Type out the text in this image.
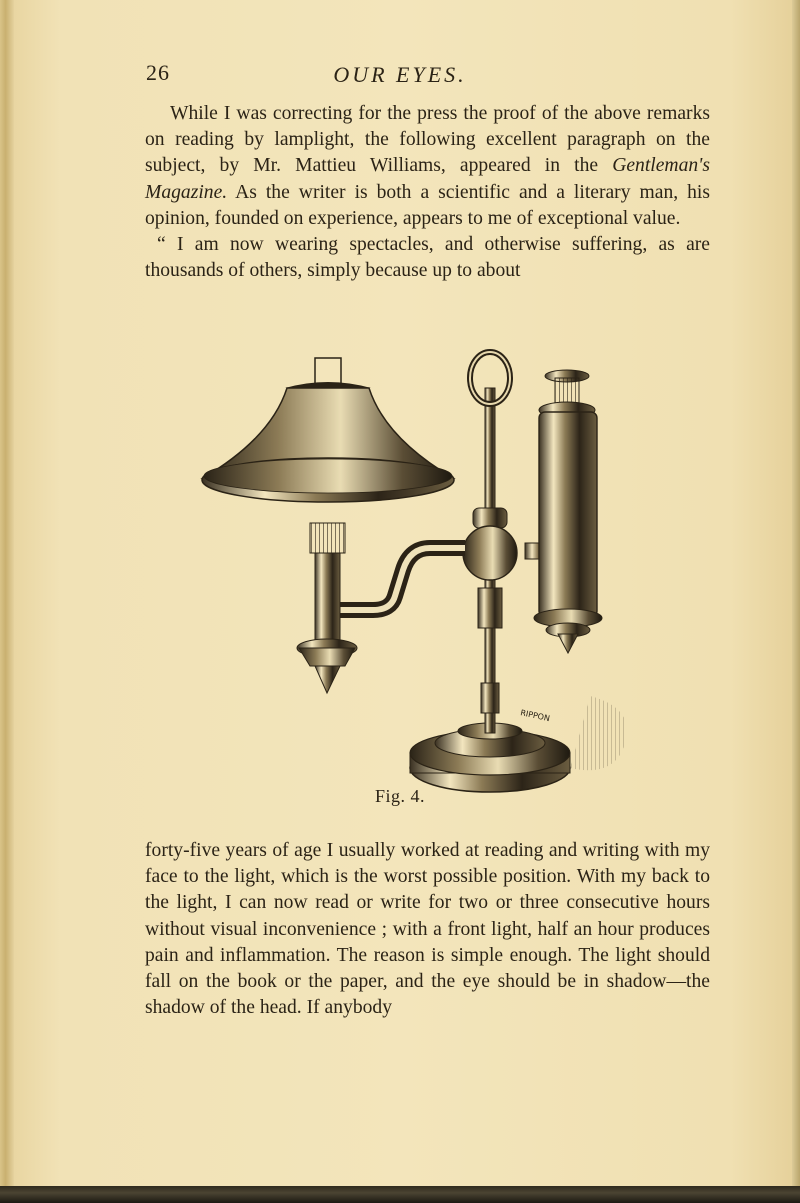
26	OUR EYES.

While I was correcting for the press the proof of the above remarks on reading by lamplight, the following excellent paragraph on the subject, by Mr. Mattieu Williams, appeared in the Gentleman's Magazine. As the writer is both a scientific and a literary man, his opinion, founded on experience, appears to me of exceptional value.
“ I am now wearing spectacles, and otherwise suffering, as are thousands of others, simply because up to about

RIPPON
Fig. 4.

forty-five years of age I usually worked at reading and writing with my face to the light, which is the worst possible position. With my back to the light, I can now read or write for two or three consecutive hours without visual inconvenience ; with a front light, half an hour produces pain and inflammation. The reason is simple enough. The light should fall on the book or the paper, and the eye should be in shadow—the shadow of the head. If anybody
